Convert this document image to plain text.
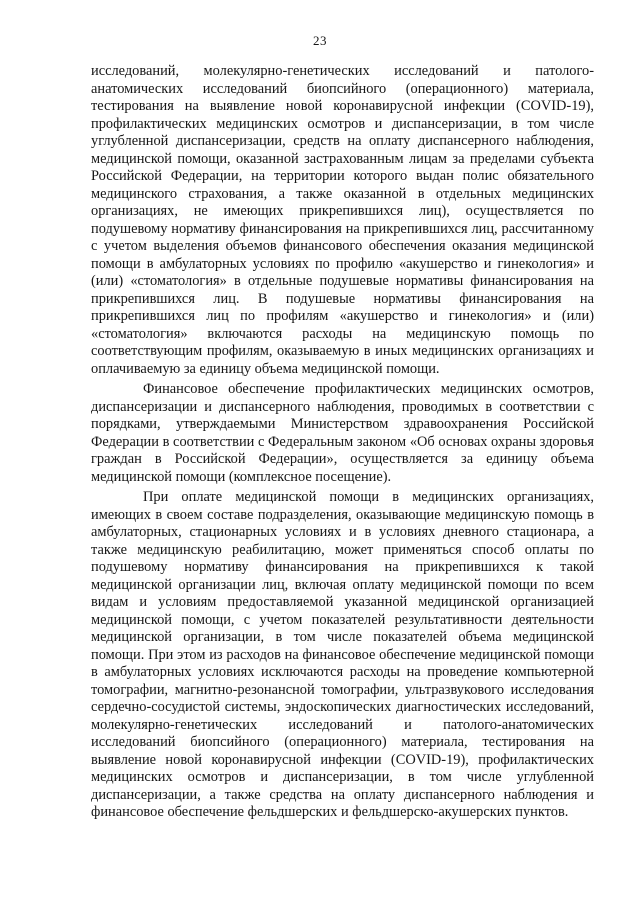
23

исследований, молекулярно-генетических исследований и патолого-анатомических исследований биопсийного (операционного) материала, тестирования на выявление новой коронавирусной инфекции (COVID-19), профилактических медицинских осмотров и диспансеризации, в том числе углубленной диспансеризации, средств на оплату диспансерного наблюдения, медицинской помощи, оказанной застрахованным лицам за пределами субъекта Российской Федерации, на территории которого выдан полис обязательного медицинского страхования, а также оказанной в отдельных медицинских организациях, не имеющих прикрепившихся лиц), осуществляется по подушевому нормативу финансирования на прикрепившихся лиц, рассчитанному с учетом выделения объемов финансового обеспечения оказания медицинской помощи в амбулаторных условиях по профилю «акушерство и гинекология» и (или) «стоматология» в отдельные подушевые нормативы финансирования на прикрепившихся лиц. В подушевые нормативы финансирования на прикрепившихся лиц по профилям «акушерство и гинекология» и (или) «стоматология» включаются расходы на медицинскую помощь по соответствующим профилям, оказываемую в иных медицинских организациях и оплачиваемую за единицу объема медицинской помощи.

Финансовое обеспечение профилактических медицинских осмотров, диспансеризации и диспансерного наблюдения, проводимых в соответствии с порядками, утверждаемыми Министерством здравоохранения Российской Федерации в соответствии с Федеральным законом «Об основах охраны здоровья граждан в Российской Федерации», осуществляется за единицу объема медицинской помощи (комплексное посещение).

При оплате медицинской помощи в медицинских организациях, имеющих в своем составе подразделения, оказывающие медицинскую помощь в амбулаторных, стационарных условиях и в условиях дневного стационара, а также медицинскую реабилитацию, может применяться способ оплаты по подушевому нормативу финансирования на прикрепившихся к такой медицинской организации лиц, включая оплату медицинской помощи по всем видам и условиям предоставляемой указанной медицинской организацией медицинской помощи, с учетом показателей результативности деятельности медицинской организации, в том числе показателей объема медицинской помощи. При этом из расходов на финансовое обеспечение медицинской помощи в амбулаторных условиях исключаются расходы на проведение компьютерной томографии, магнитно-резонансной томографии, ультразвукового исследования сердечно-сосудистой системы, эндоскопических диагностических исследований, молекулярно-генетических исследований и патолого-анатомических исследований биопсийного (операционного) материала, тестирования на выявление новой коронавирусной инфекции (COVID-19), профилактических медицинских осмотров и диспансеризации, в том числе углубленной диспансеризации, а также средства на оплату диспансерного наблюдения и финансовое обеспечение фельдшерских и фельдшерско-акушерских пунктов.
